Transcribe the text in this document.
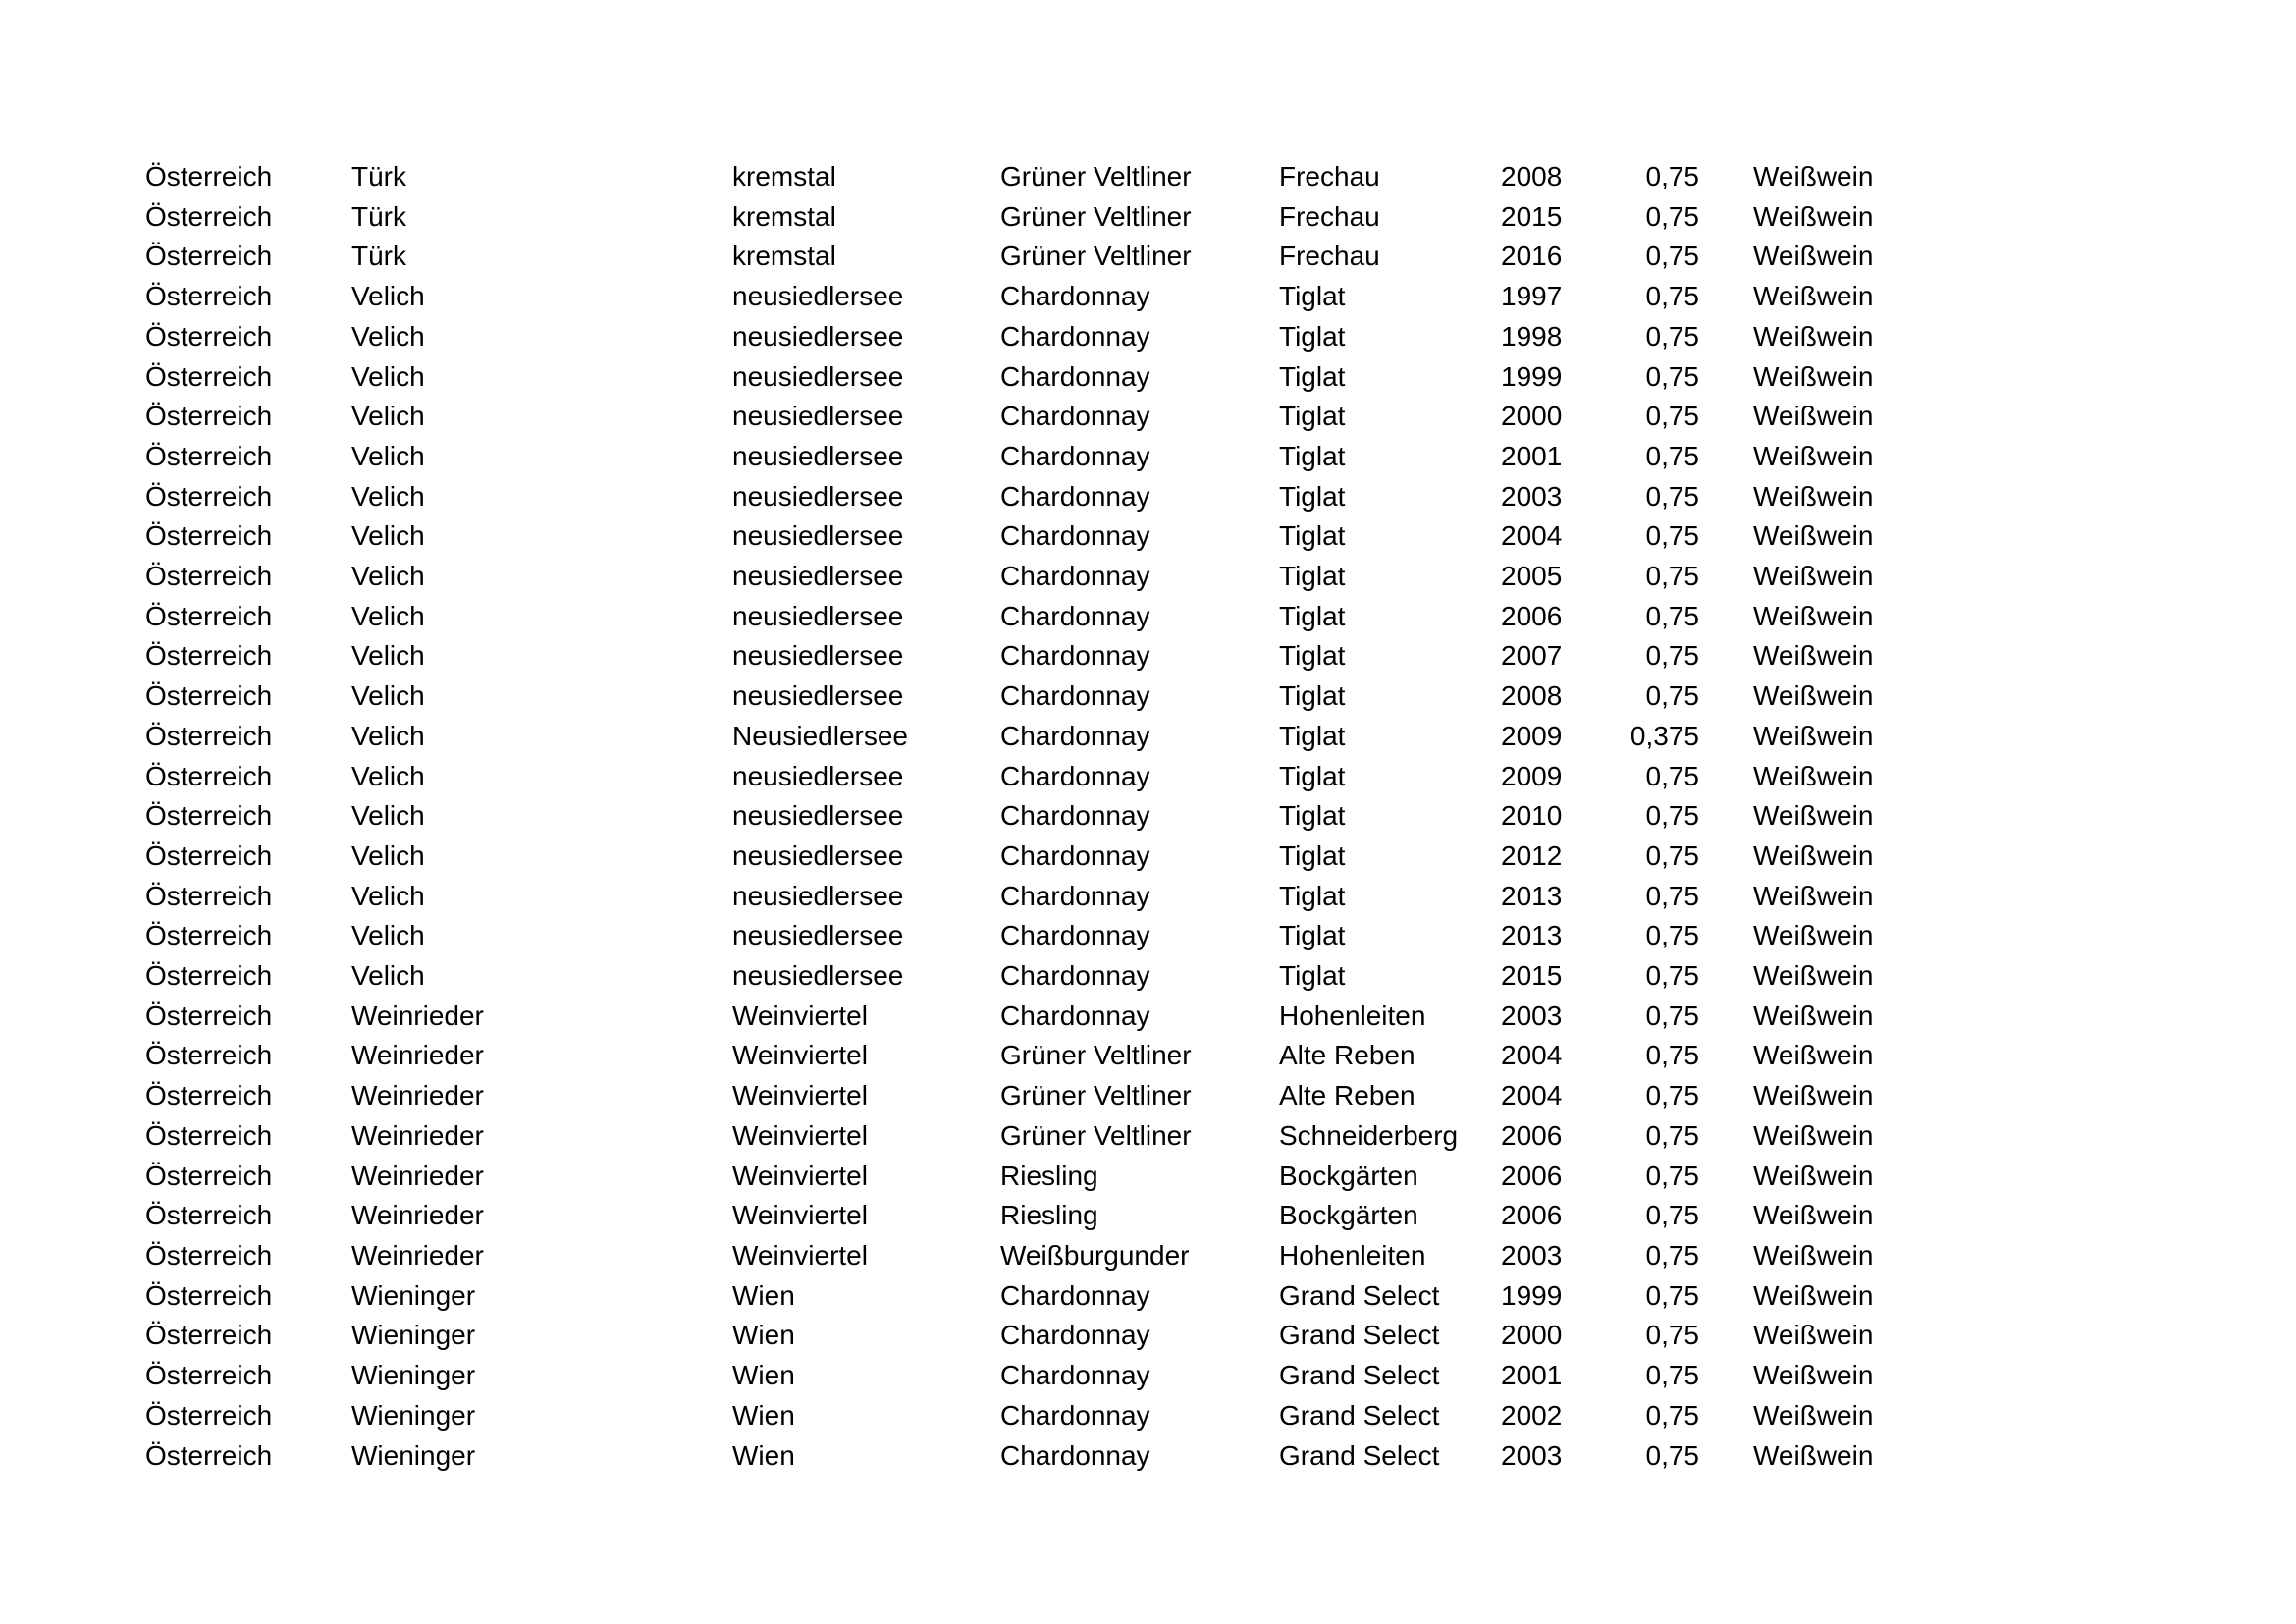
Österreich	Türk	kremstal	Grüner Veltliner	Frechau	2008	0,75		Weißwein
Österreich	Türk	kremstal	Grüner Veltliner	Frechau	2015	0,75		Weißwein
Österreich	Türk	kremstal	Grüner Veltliner	Frechau	2016	0,75		Weißwein
Österreich	Velich	neusiedlersee	Chardonnay	Tiglat	1997	0,75		Weißwein
Österreich	Velich	neusiedlersee	Chardonnay	Tiglat	1998	0,75		Weißwein
Österreich	Velich	neusiedlersee	Chardonnay	Tiglat	1999	0,75		Weißwein
Österreich	Velich	neusiedlersee	Chardonnay	Tiglat	2000	0,75		Weißwein
Österreich	Velich	neusiedlersee	Chardonnay	Tiglat	2001	0,75		Weißwein
Österreich	Velich	neusiedlersee	Chardonnay	Tiglat	2003	0,75		Weißwein
Österreich	Velich	neusiedlersee	Chardonnay	Tiglat	2004	0,75		Weißwein
Österreich	Velich	neusiedlersee	Chardonnay	Tiglat	2005	0,75		Weißwein
Österreich	Velich	neusiedlersee	Chardonnay	Tiglat	2006	0,75		Weißwein
Österreich	Velich	neusiedlersee	Chardonnay	Tiglat	2007	0,75		Weißwein
Österreich	Velich	neusiedlersee	Chardonnay	Tiglat	2008	0,75		Weißwein
Österreich	Velich	Neusiedlersee	Chardonnay	Tiglat	2009	0,375		Weißwein
Österreich	Velich	neusiedlersee	Chardonnay	Tiglat	2009	0,75		Weißwein
Österreich	Velich	neusiedlersee	Chardonnay	Tiglat	2010	0,75		Weißwein
Österreich	Velich	neusiedlersee	Chardonnay	Tiglat	2012	0,75		Weißwein
Österreich	Velich	neusiedlersee	Chardonnay	Tiglat	2013	0,75		Weißwein
Österreich	Velich	neusiedlersee	Chardonnay	Tiglat	2013	0,75		Weißwein
Österreich	Velich	neusiedlersee	Chardonnay	Tiglat	2015	0,75		Weißwein
Österreich	Weinrieder	Weinviertel	Chardonnay	Hohenleiten	2003	0,75		Weißwein
Österreich	Weinrieder	Weinviertel	Grüner Veltliner	Alte Reben	2004	0,75		Weißwein
Österreich	Weinrieder	Weinviertel	Grüner Veltliner	Alte Reben	2004	0,75		Weißwein
Österreich	Weinrieder	Weinviertel	Grüner Veltliner	Schneiderberg	2006	0,75		Weißwein
Österreich	Weinrieder	Weinviertel	Riesling	Bockgärten	2006	0,75		Weißwein
Österreich	Weinrieder	Weinviertel	Riesling	Bockgärten	2006	0,75		Weißwein
Österreich	Weinrieder	Weinviertel	Weißburgunder	Hohenleiten	2003	0,75		Weißwein
Österreich	Wieninger	Wien	Chardonnay	Grand Select	1999	0,75		Weißwein
Österreich	Wieninger	Wien	Chardonnay	Grand Select	2000	0,75		Weißwein
Österreich	Wieninger	Wien	Chardonnay	Grand Select	2001	0,75		Weißwein
Österreich	Wieninger	Wien	Chardonnay	Grand Select	2002	0,75		Weißwein
Österreich	Wieninger	Wien	Chardonnay	Grand Select	2003	0,75		Weißwein
